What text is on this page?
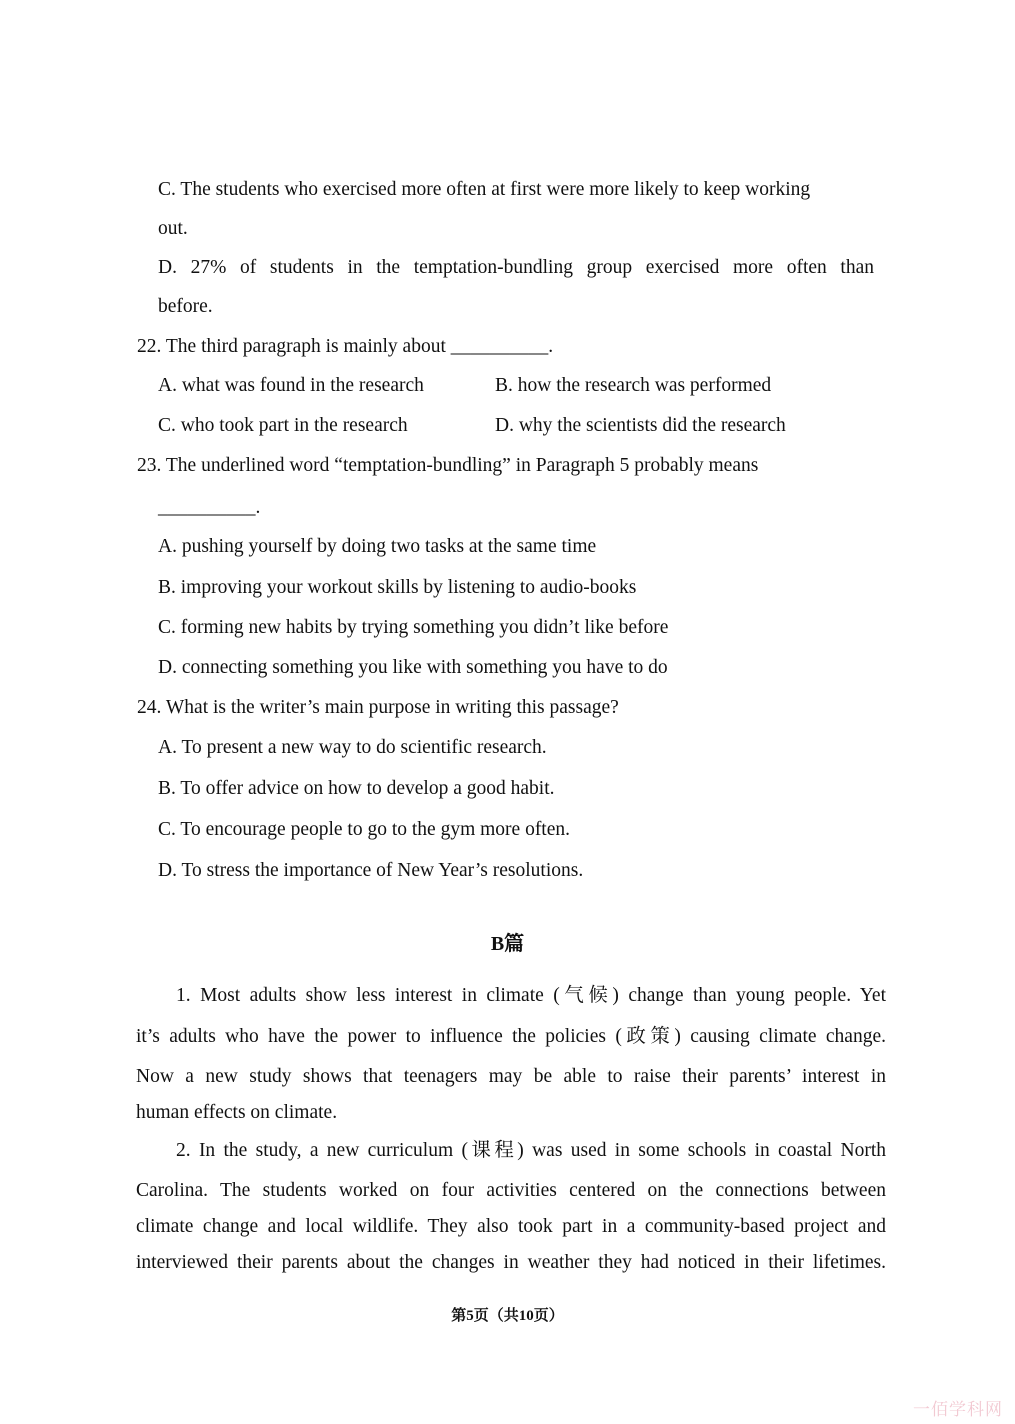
C. The students who exercised more often at first were more likely to keep working
out.
D. 27% of students in the temptation-bundling group exercised more often than
before.
22. The third paragraph is mainly about __________.
A. what was found in the research	B. how the research was performed
C. who took part in the research	D. why the scientists did the research
23. The underlined word “temptation-bundling” in Paragraph 5 probably means
__________.
A. pushing yourself by doing two tasks at the same time
B. improving your workout skills by listening to audio-books
C. forming new habits by trying something you didn’t like before
D. connecting something you like with something you have to do
24. What is the writer’s main purpose in writing this passage?
A. To present a new way to do scientific research.
B. To offer advice on how to develop a good habit.
C. To encourage people to go to the gym more often.
D. To stress the importance of New Year’s resolutions.
B篇
1. Most adults show less interest in climate (气候) change than young people. Yet
it’s adults who have the power to influence the policies (政策) causing climate change.
Now a new study shows that teenagers may be able to raise their parents’ interest in
human effects on climate.
2. In the study, a new curriculum (课程) was used in some schools in coastal North
Carolina. The students worked on four activities centered on the connections between
climate change and local wildlife. They also took part in a community-based project and
interviewed their parents about the changes in weather they had noticed in their lifetimes.
第5页（共10页）
一佰学科网
